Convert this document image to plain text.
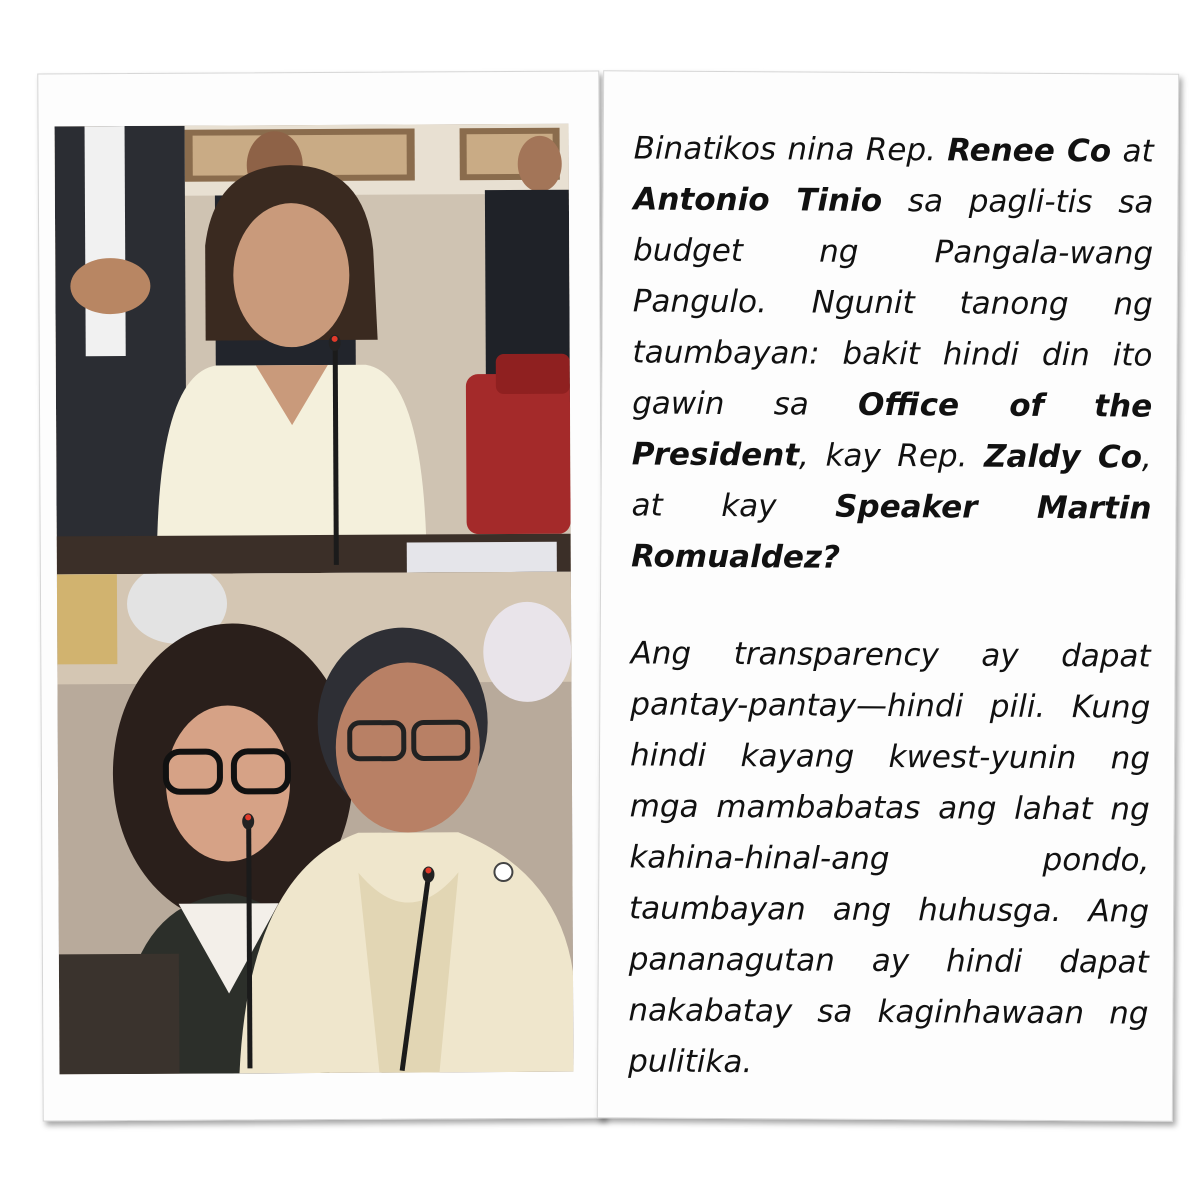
Binatikos nina Rep. Renee Co at Antonio Tinio sa pagli-tis sa budget ng Pangala-wang Pangulo. Ngunit tanong ng taumbayan: bakit hindi din ito gawin sa Office of the President, kay Rep. Zaldy Co, at kay Speaker Martin Romualdez?

Ang transparency ay dapat pantay-pantay—hindi pili. Kung hindi kayang kwest-yunin ng mga mambabatas ang lahat ng kahina-hinal-ang pondo, taumbayan ang huhusga. Ang pananagutan ay hindi dapat nakabatay sa kaginhawaan ng pulitika.
